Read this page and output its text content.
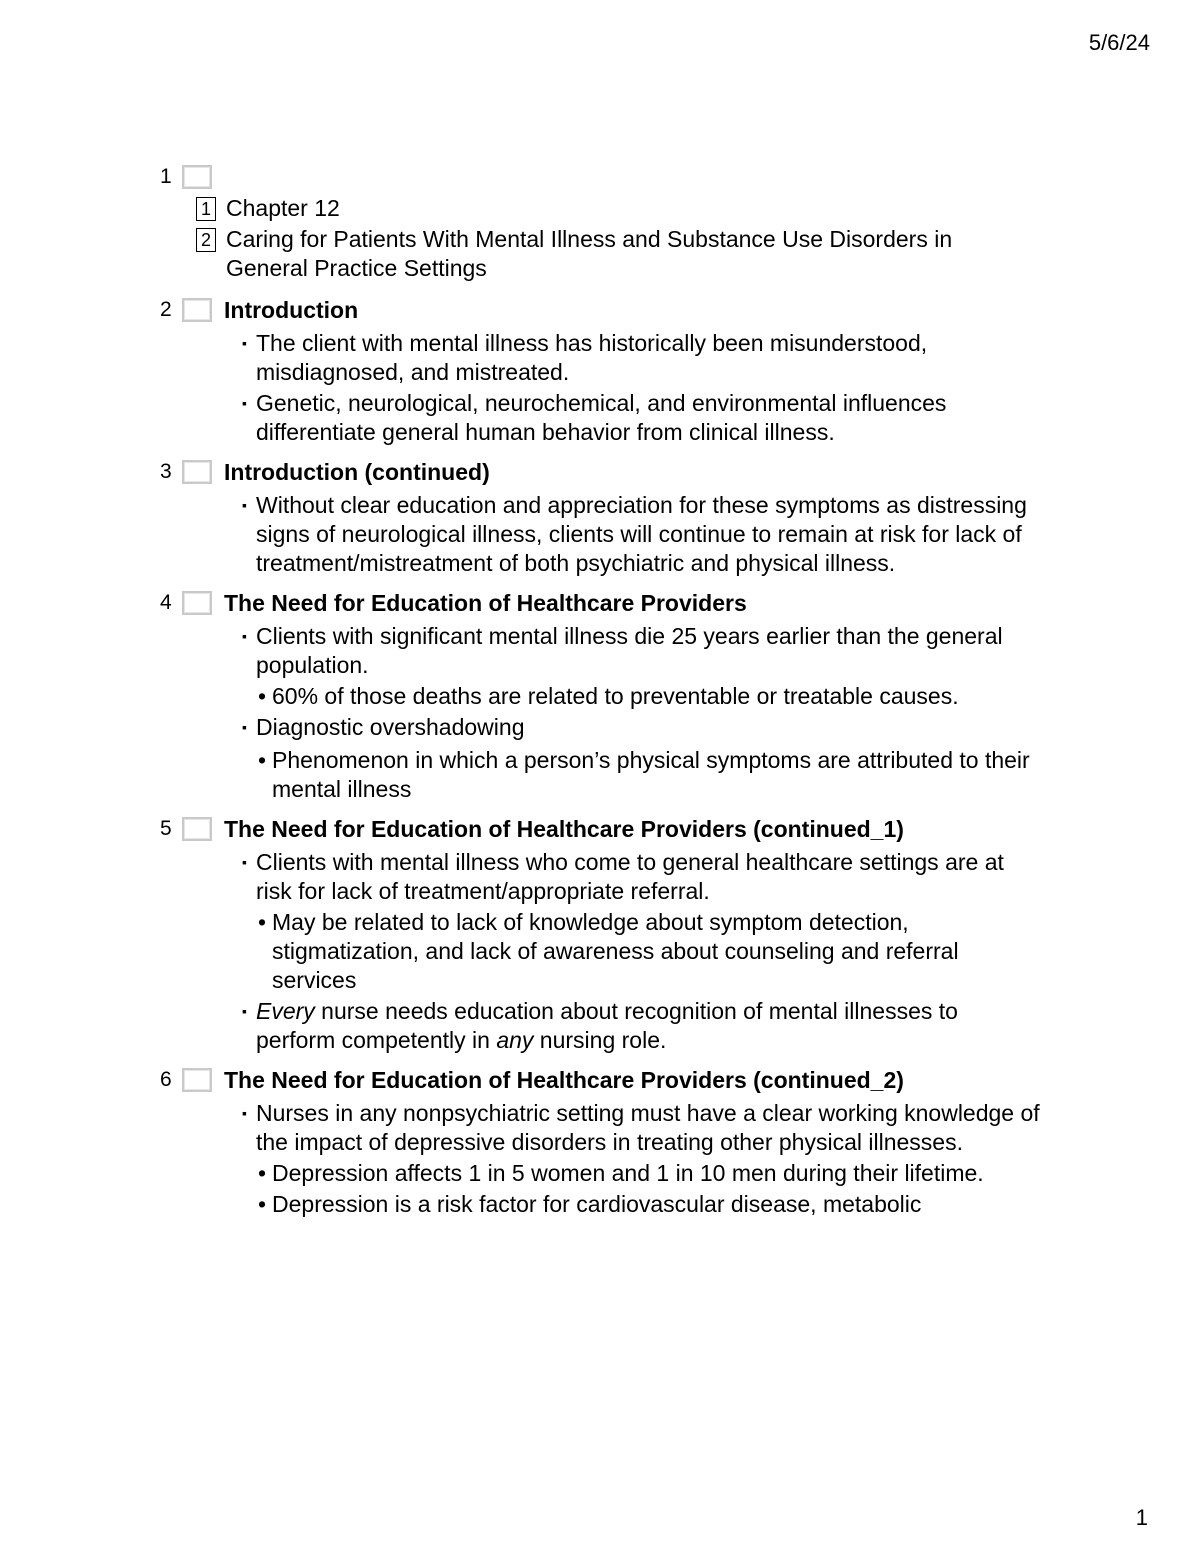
5/6/24
1
1 Chapter 12
2 Caring for Patients With Mental Illness and Substance Use Disorders in General Practice Settings
2	Introduction
▪ The client with mental illness has historically been misunderstood, misdiagnosed, and mistreated.
▪ Genetic, neurological, neurochemical, and environmental influences differentiate general human behavior from clinical illness.
3	Introduction (continued)
▪ Without clear education and appreciation for these symptoms as distressing signs of neurological illness, clients will continue to remain at risk for lack of treatment/mistreatment of both psychiatric and physical illness.
4	The Need for Education of Healthcare Providers
▪ Clients with significant mental illness die 25 years earlier than the general population.
• 60% of those deaths are related to preventable or treatable causes.
▪ Diagnostic overshadowing
• Phenomenon in which a person’s physical symptoms are attributed to their mental illness
5	The Need for Education of Healthcare Providers (continued_1)
▪ Clients with mental illness who come to general healthcare settings are at risk for lack of treatment/appropriate referral.
• May be related to lack of knowledge about symptom detection, stigmatization, and lack of awareness about counseling and referral services
▪ Every nurse needs education about recognition of mental illnesses to perform competently in any nursing role.
6	The Need for Education of Healthcare Providers (continued_2)
▪ Nurses in any nonpsychiatric setting must have a clear working knowledge of the impact of depressive disorders in treating other physical illnesses.
• Depression affects 1 in 5 women and 1 in 10 men during their lifetime.
• Depression is a risk factor for cardiovascular disease, metabolic
1
